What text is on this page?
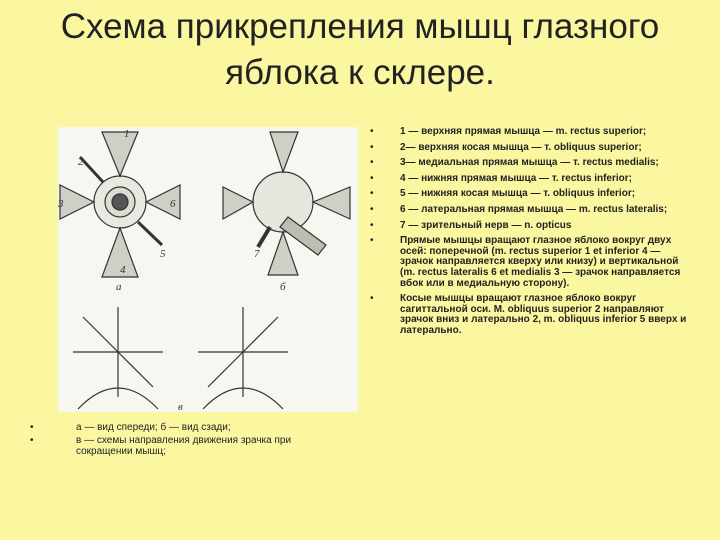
Схема прикрепления мышц глазного яблока к склере.
а	б
в
1
2
3
4
5
6
7
• а — вид спереди; б — вид сзади;
• в — схемы направления движения зрачка при сокращении мышц;
• 1 — верхняя прямая мышца — m. rectus superior;
• 2— верхняя косая мышца — т. obliquus superior;
• 3— медиальная прямая мышца — т. rectus medialis;
• 4 — нижняя прямая мышца — т. rectus inferior;
• 5 — нижняя косая мышца — т. obliquus inferior;
• 6 — латеральная прямая мышца — m. rectus lateralis;
• 7 — зрительный нерв — n. opticus
• Прямые мышцы вращают глазное яблоко вокруг двух осей: поперечной (m. rectus superior 1 et inferior 4 — зрачок направляется кверху или книзу) и вертикальной (m. rectus lateralis 6 et medialis 3 — зрачок направляется вбок или в медиальную сторону).
• Косые мышцы вращают глазное яблоко вокруг сагиттальной оси. M. obliquus superior 2 направляют зрачок вниз и латерально 2, m. obliquus inferior 5 вверх и латерально.
